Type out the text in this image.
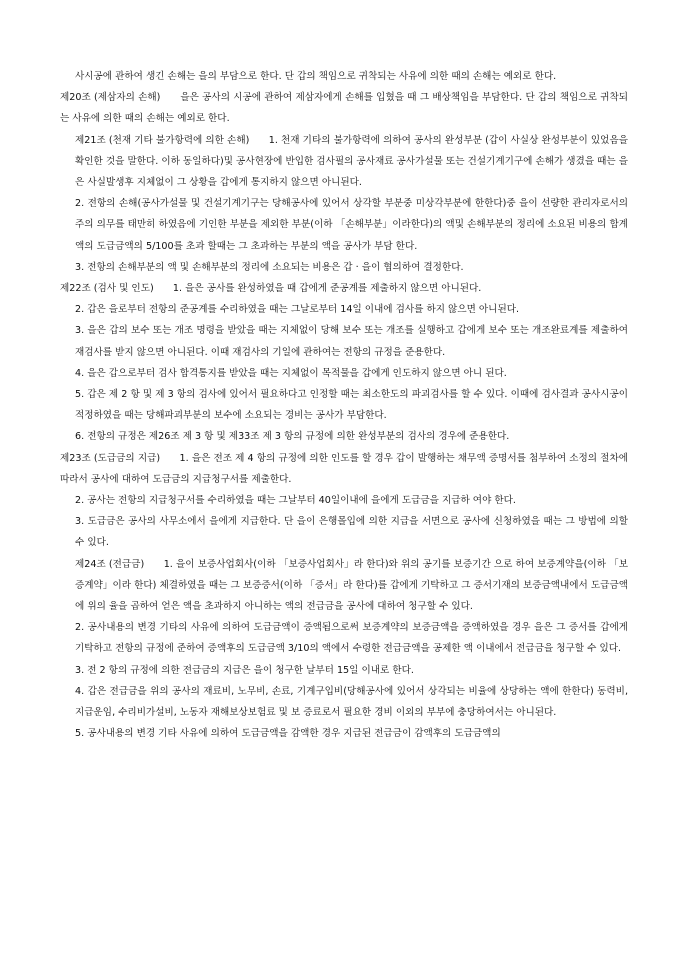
사시공에 관하여 생긴 손해는 을의 부담으로 한다. 단 갑의 책임으로 귀착되는 사유에 의한 때의 손해는 예외로 한다.

제20조 (제삼자의 손해)　　을은 공사의 시공에 관하여 제삼자에게 손해를 입혔을 때 그 배상책임을 부담한다. 단 갑의 책임으로 귀착되는 사유에 의한 때의 손해는 예외로 한다.

제21조 (천재 기타 불가항력에 의한 손해)　　1. 천재 기타의 불가항력에 의하여 공사의 완성부분 (갑이 사실상 완성부분이 있었음을 확인한 것을 말한다. 이하 동일하다)및 공사현장에 반입한 검사필의 공사재료 공사가설물 또는 건설기계기구에 손해가 생겼을 때는 을은 사실발생후 지체없이 그 상황을 갑에게 통지하지 않으면 아니된다.

2. 전항의 손해(공사가설물 및 건설기계기구는 당해공사에 있어서 상각할 부분중 미상각부분에 한한다)중 을이 선량한 관리자로서의 주의 의무를 태만히 하였음에 기인한 부분을 제외한 부분(이하 「손해부분」이라한다)의 액및 손해부분의 정리에 소요된 비용의 합계액의 도급금액의 5/100를 초과 할때는 그 초과하는 부분의 액을 공사가 부담 한다.

3. 전항의 손해부분의 액 및 손해부분의 정리에 소요되는 비용은 갑 · 을이 협의하여 결정한다.

제22조 (검사 및 인도)　　1. 을은 공사를 완성하였을 때 갑에게 준공계를 제출하지 않으면 아니된다.

2. 갑은 을로부터 전항의 준공계를 수리하였을 때는 그날로부터 14일 이내에 검사를 하지 않으면 아니된다.

3. 을은 갑의 보수 또는 개조 명령을 받았을 때는 지체없이 당해 보수 또는 개조를 실행하고 갑에게 보수 또는 개조완료계를 제출하여 재검사를 받지 않으면 아니된다. 이때 재검사의 기일에 관하여는 전항의 규정을 준용한다.

4. 을은 갑으로부터 검사 합격통지를 받았을 때는 지체없이 목적물을 갑에게 인도하지 않으면 아니 된다.

5. 갑은 제 2 항 및 제 3 항의 검사에 있어서 필요하다고 인정할 때는 최소한도의 파괴검사를 할 수 있다. 이때에 검사결과 공사시공이 적정하였을 때는 당해파괴부분의 보수에 소요되는 경비는 공사가 부담한다.

6. 전항의 규정은 제26조 제 3 항 및 제33조 제 3 항의 규정에 의한 완성부분의 검사의 경우에 준용한다.

제23조 (도급금의 지급)　　1. 을은 전조 제 4 항의 규정에 의한 인도를 할 경우 갑이 발행하는 채무액 증명서를 첨부하여 소정의 절차에 따라서 공사에 대하여 도급금의 지급청구서를 제출한다.

2. 공사는 전항의 지급청구서를 수리하였을 때는 그날부터 40일이내에 을에게 도급금을 지급하 여야 한다.

3. 도급금은 공사의 사무소에서 을에게 지급한다. 단 을이 은행몰입에 의한 지급을 서면으로 공사에 신청하였을 때는 그 방법에 의할 수 있다.

제24조 (전급금)　　1. 을이 보증사업회사(이하 「보증사업회사」라 한다)와 위의 공기를 보증기간 으로 하여 보증계약을(이하 「보증계약」이라 한다) 체결하였을 때는 그 보증증서(이하 「증서」라 한다)를 갑에게 기탁하고 그 증서기재의 보증금액내에서 도급금액에 위의 율을 곱하여 얻은 액을 초과하지 아니하는 액의 전급금을 공사에 대하여 청구할 수 있다.

2. 공사내용의 변경 기타의 사유에 의하여 도급금액이 증액됨으로써 보증계약의 보증금액을 증액하였을 경우 을은 그 증서를 갑에게 기탁하고 전항의 규정에 준하여 증액후의 도급금액 3/10의 액에서 수령한 전급금액을 공제한 액 이내에서 전급금을 청구할 수 있다.

3. 전 2 항의 규정에 의한 전급금의 지급은 을이 청구한 날부터 15일 이내로 한다.

4. 갑은 전급금을 위의 공사의 재료비, 노무비, 손료, 기계구입비(당해공사에 있어서 상각되는 비율에 상당하는 액에 한한다) 동력비, 지급운임, 수리비가설비, 노동자 재해보상보험료 및 보 증료로서 필요한 경비 이외의 부부에 충당하여서는 아니된다.

5. 공사내용의 변경 기타 사유에 의하여 도급금액을 감액한 경우 지급된 전급금이 감액후의 도급금액의
